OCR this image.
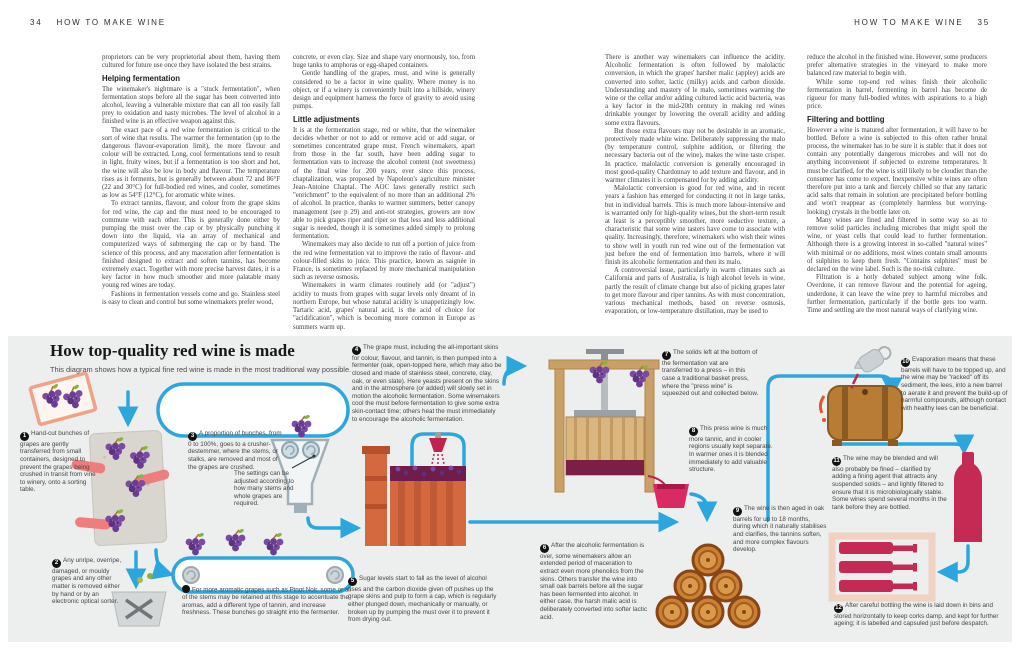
34 HOW TO MAKE WINE	HOW TO MAKE WINE 35

proprietors can be very proprietorial about them, having them cultured for future use once they have isolated the best strains.

Helping fermentation

The winemaker's nightmare is a "stuck fermentation", when fermentation stops before all the sugar has been converted into alcohol, leaving a vulnerable mixture that can all too easily fall prey to oxidation and nasty microbes. The level of alcohol in a finished wine is an effective weapon against this.

The exact pace of a red wine fermentation is critical to the sort of wine that results. The warmer the fermentation (up to the dangerous flavour-evaporation limit), the more flavour and colour will be extracted. Long, cool fermentations tend to result in light, fruity wines, but if a fermentation is too short and hot, the wine will also be low in body and flavour. The temperature rises as it ferments, but is generally between about 72 and 86°F (22 and 30°C) for full-bodied red wines, and cooler, sometimes as low as 54°F (12°C), for aromatic white wines.

To extract tannins, flavour, and colour from the grape skins for red wine, the cap and the must need to be encouraged to commune with each other. This is generally done either by pumping the must over the cap or by physically punching it down into the liquid, via an array of mechanical and computerized ways of submerging the cap or by hand. The science of this process, and any maceration after fermentation is finished designed to extract and soften tannins, has become extremely exact. Together with more precise harvest dates, it is a key factor in how much smoother and more palatable many young red wines are today.

Fashions in fermentation vessels come and go. Stainless steel is easy to clean and control but some winemakers prefer wood,

concrete, or even clay. Size and shape vary enormously, too, from huge tanks to amphoras or egg-shaped containers.

Gentle handling of the grapes, must, and wine is generally considered to be a factor in wine quality. Where money is no object, or if a winery is conveniently built into a hillside, winery design and equipment harness the force of gravity to avoid using pumps.

Little adjustments

It is at the fermentation stage, red or white, that the winemaker decides whether or not to add or remove acid or add sugar, or sometimes concentrated grape must. French winemakers, apart from those in the far south, have been adding sugar to fermentation vats to increase the alcohol content (not sweetness) of the final wine for 200 years, ever since this process, chaptalization, was proposed by Napoleon's agriculture minister Jean-Antoine Chaptal. The AOC laws generally restrict such "enrichment" to the equivalent of no more than an additional 2% of alcohol. In practice, thanks to warmer summers, better canopy management (see p 29) and anti-rot strategies, growers are now able to pick grapes riper and riper so that less and less additional sugar is needed, though it is sometimes added simply to prolong fermentation.

Winemakers may also decide to run off a portion of juice from the red wine fermentation vat to improve the ratio of flavour- and colour-filled skins to juice. This practice, known as saignée in France, is sometimes replaced by more mechanical manipulation such as reverse osmosis.

Winemakers in warm climates routinely add (or "adjust") acidity to musts from grapes with sugar levels only dreamt of in northern Europe, but whose natural acidity is unappetizingly low. Tartaric acid, grapes' natural acid, is the acid of choice for "acidification", which is becoming more common in Europe as summers warm up.

There is another way winemakers can influence the acidity. Alcoholic fermentation is often followed by malolactic conversion, in which the grapes' harsher malic (appley) acids are converted into softer, lactic (milky) acids and carbon dioxide. Understanding and mastery of le malo, sometimes warming the wine or the cellar and/or adding cultured lactic acid bacteria, was a key factor in the mid-20th century in making red wines drinkable younger by lowering the overall acidity and adding some extra flavours.

But those extra flavours may not be desirable in an aromatic, protectively made white wine. Deliberately suppressing the malo (by temperature control, sulphite addition, or filtering the necessary bacteria out of the wine), makes the wine taste crisper. In practice, malolactic conversion is generally encouraged in most good-quality Chardonnay to add texture and flavour, and in warmer climates it is compensated for by adding acidity.

Malolactic conversion is good for red wine, and in recent years a fashion has emerged for conducting it not in large tanks, but in individual barrels. This is much more labour-intensive and is warranted only for high-quality wines, but the short-term result at least is a perceptibly smoother, more seductive texture, a characteristic that some wine tasters have come to associate with quality. Increasingly, therefore, winemakers who wish their wines to show well in youth run red wine out of the fermentation vat just before the end of fermentation into barrels, where it will finish its alcoholic fermentation and then its malo.

A controversial issue, particularly in warm climates such as California and parts of Australia, is high alcohol levels in wine, partly the result of climate change but also of picking grapes later to get more flavour and riper tannins. As with must concentration, various mechanical methods, based on reverse osmosis, evaporation, or low-temperature distillation, may be used to

reduce the alcohol in the finished wine. However, some producers prefer alternative strategies in the vineyard to make more balanced raw material to begin with.

While some top-end red wines finish their alcoholic fermentation in barrel, fermenting in barrel has become de rigueur for many full-bodied whites with aspirations to a high price.

Filtering and bottling

However a wine is matured after fermentation, it will have to be bottled. Before a wine is subjected to this often rather brutal process, the winemaker has to be sure it is stable: that it does not contain any potentially dangerous microbes and will not do anything inconvenient if subjected to extreme temperatures. It must be clarified, for the wine is still likely to be cloudier than the consumer has come to expect. Inexpensive white wines are often therefore put into a tank and fiercely chilled so that any tartaric acid salts that remain in solution are precipitated before bottling and won't reappear as (completely harmless but worrying-looking) crystals in the bottle later on.

Many wines are fined and filtered in some way so as to remove solid particles including microbes that might spoil the wine, or yeast cells that could lead to further fermentation. Although there is a growing interest in so-called "natural wines" with minimal or no additions, most wines contain small amounts of sulphites to keep them fresh. "Contains sulphites" must be declared on the wine label. Such is the no-risk culture.

Filtration is a hotly debated subject among wine folk. Overdone, it can remove flavour and the potential for ageing, underdone, it can leave the wine prey to harmful microbes and further fermentation, particularly if the bottle gets too warm. Time and settling are the most natural ways of clarifying wine.

How top-quality red wine is made
This diagram shows how a typical fine red wine is made in the most traditional way possible.
1 Hand-cut bunches of grapes are gently transferred from small containers, designed to prevent the grapes being crushed in transit from vine to winery, onto a sorting table.
2 Any unripe, overripe, damaged, or mouldy grapes and any other matter is removed either by hand or by an electronic optical sorter.
3 A proportion of bunches, from 0 to 100%, goes to a crusher-destemmer, where the stems, or stalks, are removed and most of the grapes are crushed.
4 The grape must, including the all-important skins for colour, flavour, and tannin, is then pumped into a fermenter (oak, open-topped here, which may also be closed and made of stainless steel, concrete, clay, oak, or even slate). Here yeasts present on the skins and in the atmosphere (or added) will slowly set in motion the alcoholic fermentation. Some winemakers cool the must before fermentation to give some extra skin-contact time; others heat the must immediately to encourage the alcoholic fermentation.
5 Sugar levels start to fall as the level of alcohol rises and the carbon dioxide given off pushes up the grape skins and pulp to form a cap, which is regularly either plunged down, mechanically or manually, or broken up by pumping the must over it to prevent it from drying out.
6 After the alcoholic fermentation is over, some winemakers allow an extended period of maceration to extract even more phenolics from the skins. Others transfer the wine into small oak barrels before all the sugar has been fermented into alcohol. In either case, the harsh malic acid is deliberately converted into softer lactic acid.
7 The solids left at the bottom of the fermentation vat are transferred to a press – in this case a traditional basket press, where the "press wine" is squeezed out and collected below.
8 This press wine is much more tannic, and in cooler regions usually kept separate. In warmer ones it is blended immediately to add valuable structure.
9 The wine is then aged in oak barrels for up to 18 months, during which it naturally stabilises and clarifies, the tannins soften, and more complex flavours develop.
10 Evaporation means that these barrels will have to be topped up, and the wine may be "racked" off its sediment, the lees, into a new barrel to aerate it and prevent the build-up of harmful compounds, although contact with healthy lees can be beneficial.
11 The wine may be blended and will also probably be fined – clarified by adding a fining agent that attracts any suspended solids – and lightly filtered to ensure that it is microbiologically stable. Some wines spend several months in the tank before they are bottled.
12 After careful bottling the wine is laid down in bins and stored horizontally to keep corks damp, and kept for further ageing; it is labelled and capsuled just before despatch.
The settings can be adjusted according to how many stems and whole grapes are required.
For more aromatic grapes such as Pinot Noir, some or all of the stems may be retained at this stage to accentuate the aromas, add a different type of tannin, and increase freshness. These bunches go straight into the fermenter.
